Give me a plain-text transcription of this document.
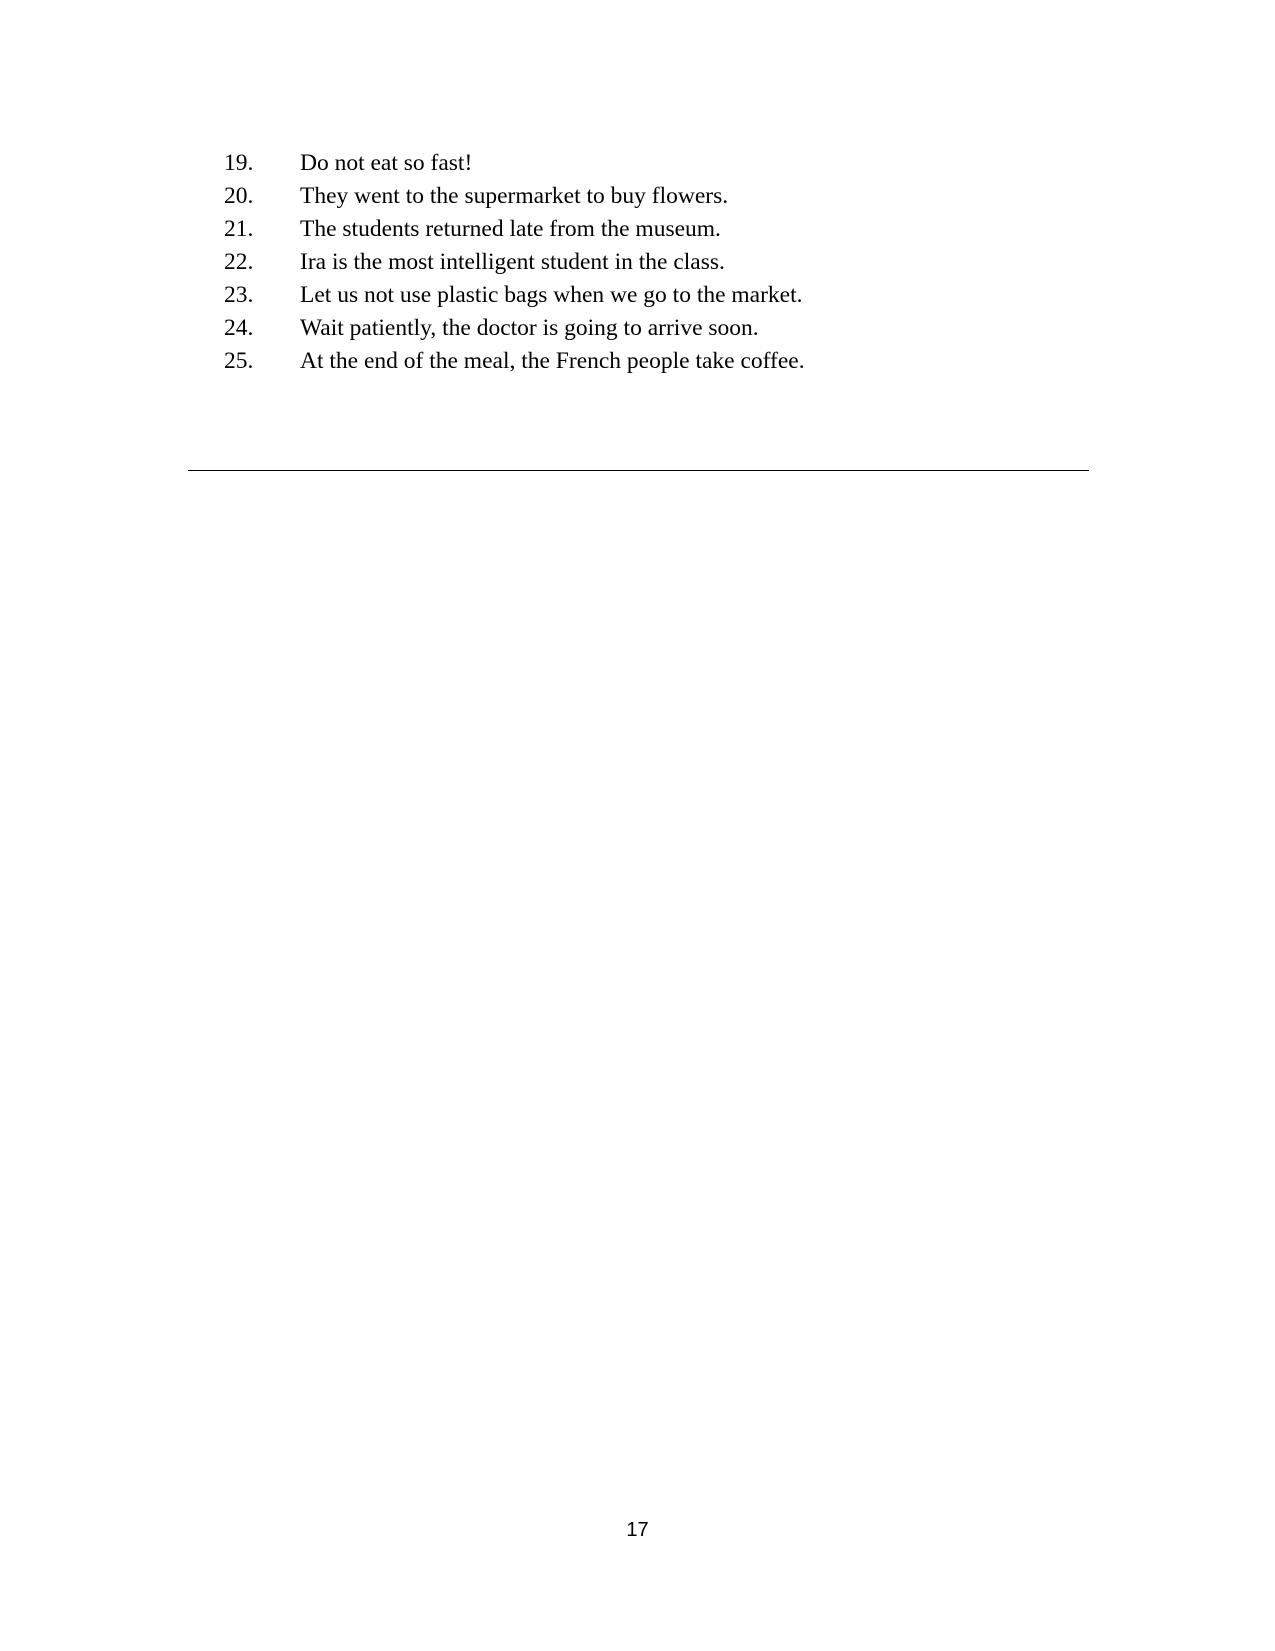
19.	Do not eat so fast!
20.	They went to the supermarket to buy flowers.
21.	The students returned late from the museum.
22.	Ira is the most intelligent student in the class.
23.	Let us not use plastic bags when we go to the market.
24.	Wait patiently, the doctor is going to arrive soon.
25.	At the end of the meal, the French people take coffee.
17
